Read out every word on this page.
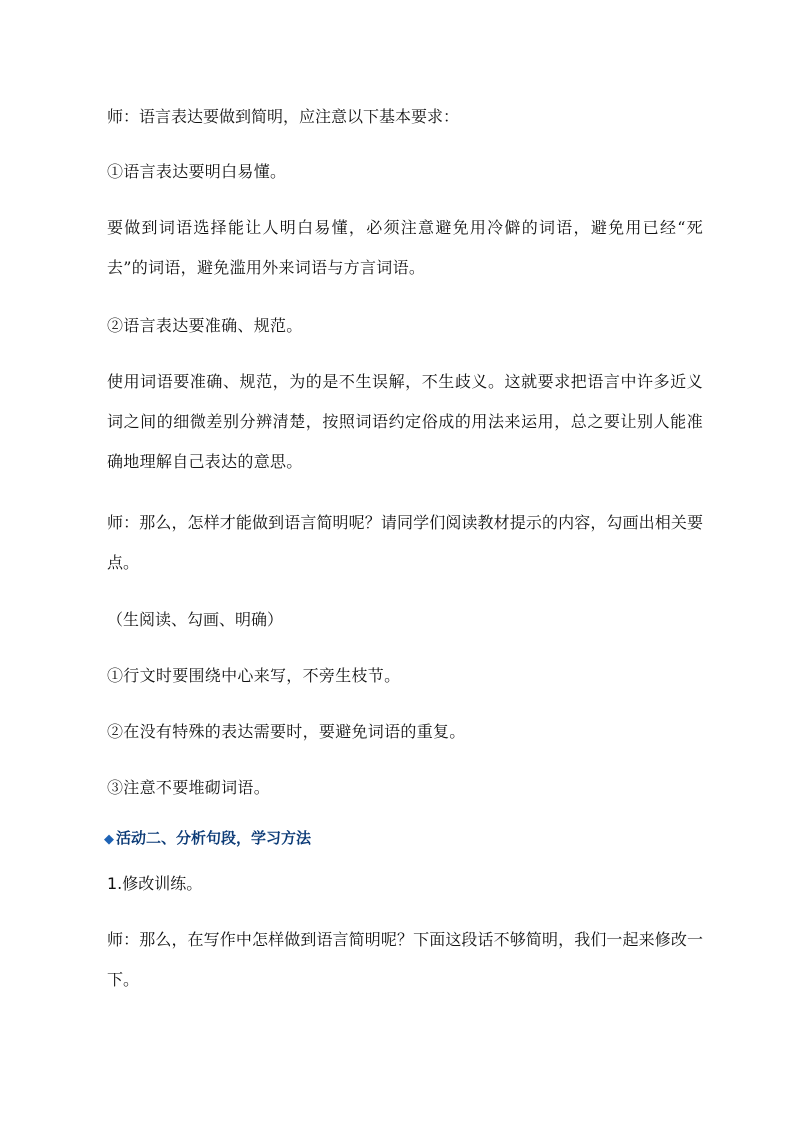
师：语言表达要做到简明，应注意以下基本要求：

①语言表达要明白易懂。

要做到词语选择能让人明白易懂，必须注意避免用冷僻的词语，避免用已经“死去”的词语，避免滥用外来词语与方言词语。

②语言表达要准确、规范。

使用词语要准确、规范，为的是不生误解，不生歧义。这就要求把语言中许多近义词之间的细微差别分辨清楚，按照词语约定俗成的用法来运用，总之要让别人能准确地理解自己表达的意思。

师：那么，怎样才能做到语言简明呢？请同学们阅读教材提示的内容，勾画出相关要点。

（生阅读、勾画、明确）

①行文时要围绕中心来写，不旁生枝节。

②在没有特殊的表达需要时，要避免词语的重复。

③注意不要堆砌词语。

◆ 活动二、分析句段，学习方法

1.修改训练。

师：那么，在写作中怎样做到语言简明呢？下面这段话不够简明，我们一起来修改一下。
